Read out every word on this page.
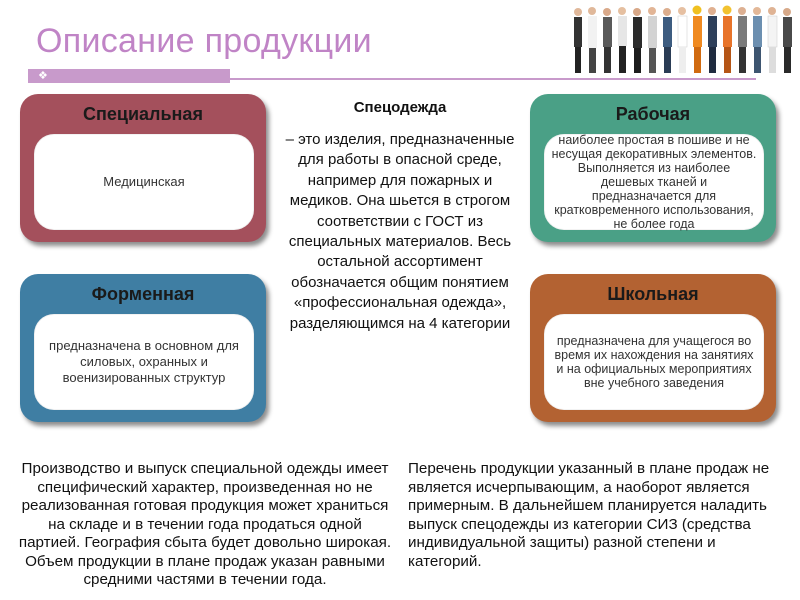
Описание продукции
❖
Специальная
Медицинская
Форменная
предназначена в основном для силовых, охранных и военизированных структур
Рабочая
наиболее простая в пошиве и не несущая декоративных элементов. Выполняется из наиболее дешевых тканей и предназначается для кратковременного использования, не более года
Школьная
предназначена для учащегося во время их нахождения на занятиях и на официальных мероприятиях вне учебного заведения
Спецодежда
– это изделия, предназначенные для работы в опасной среде, например для пожарных и медиков. Она шьется в строгом соответствии с ГОСТ из специальных материалов. Весь остальной ассортимент обозначается общим понятием «профессиональная одежда», разделяющимся на 4 категории
Производство и выпуск специальной одежды имеет специфический характер, произведенная но не реализованная готовая продукция может храниться на складе и в течении года продаться одной партией. География сбыта будет довольно широкая. Объем продукции в плане продаж указан равными средними частями в течении года.
Перечень продукции указанный в плане продаж не является исчерпывающим, а наоборот является примерным. В дальнейшем планируется наладить выпуск спецодежды из категории СИЗ (средства индивидуальной защиты) разной степени и категорий.
